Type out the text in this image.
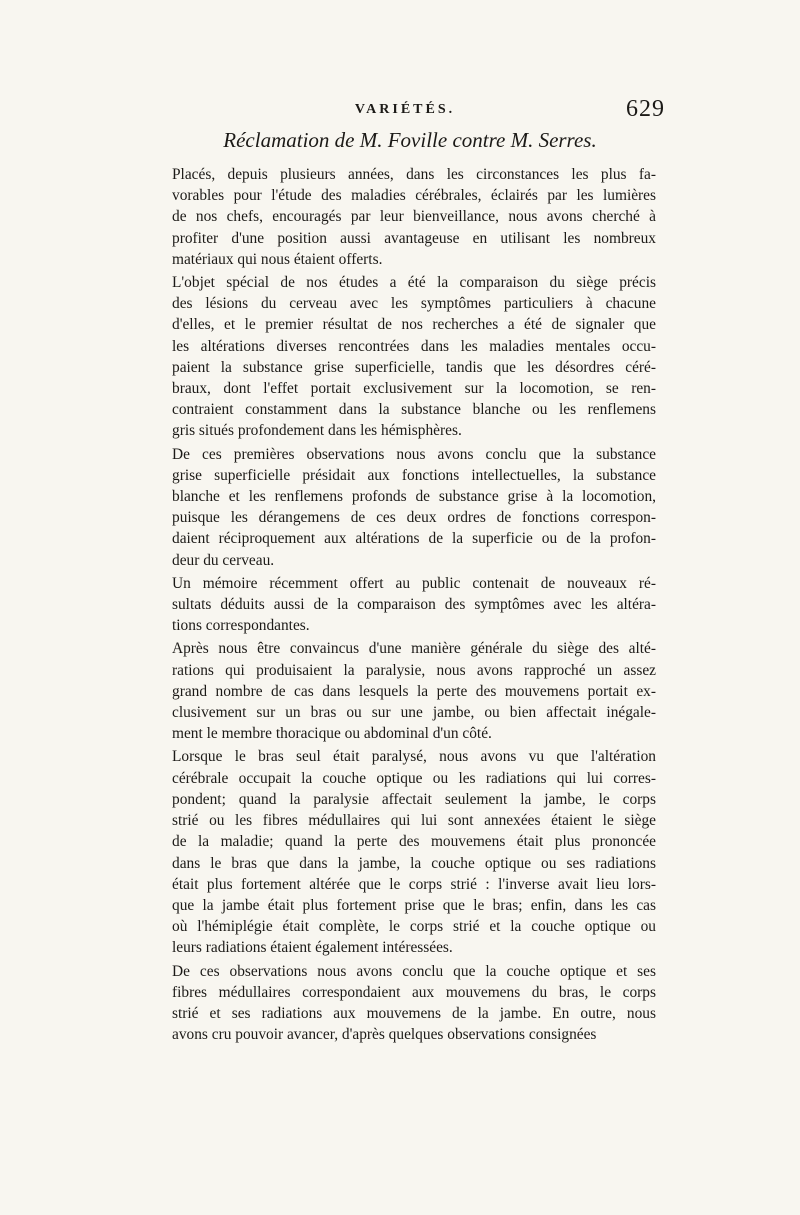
VARIÉTÉS.	629
Réclamation de M. Foville contre M. Serres.

Placés, depuis plusieurs années, dans les circonstances les plus fa-
vorables pour l'étude des maladies cérébrales, éclairés par les lumières
de nos chefs, encouragés par leur bienveillance, nous avons cherché à
profiter d'une position aussi avantageuse en utilisant les nombreux
matériaux qui nous étaient offerts.

L'objet spécial de nos études a été la comparaison du siège précis
des lésions du cerveau avec les symptômes particuliers à chacune
d'elles, et le premier résultat de nos recherches a été de signaler que
les altérations diverses rencontrées dans les maladies mentales occu-
paient la substance grise superficielle, tandis que les désordres céré-
braux, dont l'effet portait exclusivement sur la locomotion, se ren-
contraient constamment dans la substance blanche ou les renflemens
gris situés profondement dans les hémisphères.

De ces premières observations nous avons conclu que la substance
grise superficielle présidait aux fonctions intellectuelles, la substance
blanche et les renflemens profonds de substance grise à la locomotion,
puisque les dérangemens de ces deux ordres de fonctions correspon-
daient réciproquement aux altérations de la superficie ou de la profon-
deur du cerveau.

Un mémoire récemment offert au public contenait de nouveaux ré-
sultats déduits aussi de la comparaison des symptômes avec les altéra-
tions correspondantes.

Après nous être convaincus d'une manière générale du siège des alté-
rations qui produisaient la paralysie, nous avons rapproché un assez
grand nombre de cas dans lesquels la perte des mouvemens portait ex-
clusivement sur un bras ou sur une jambe, ou bien affectait inégale-
ment le membre thoracique ou abdominal d'un côté.

Lorsque le bras seul était paralysé, nous avons vu que l'altération
cérébrale occupait la couche optique ou les radiations qui lui corres-
pondent; quand la paralysie affectait seulement la jambe, le corps
strié ou les fibres médullaires qui lui sont annexées étaient le siège
de la maladie; quand la perte des mouvemens était plus prononcée
dans le bras que dans la jambe, la couche optique ou ses radiations
était plus fortement altérée que le corps strié : l'inverse avait lieu lors-
que la jambe était plus fortement prise que le bras; enfin, dans les cas
où l'hémiplégie était complète, le corps strié et la couche optique ou
leurs radiations étaient également intéressées.

De ces observations nous avons conclu que la couche optique et ses
fibres médullaires correspondaient aux mouvemens du bras, le corps
strié et ses radiations aux mouvemens de la jambe. En outre, nous
avons cru pouvoir avancer, d'après quelques observations consignées
